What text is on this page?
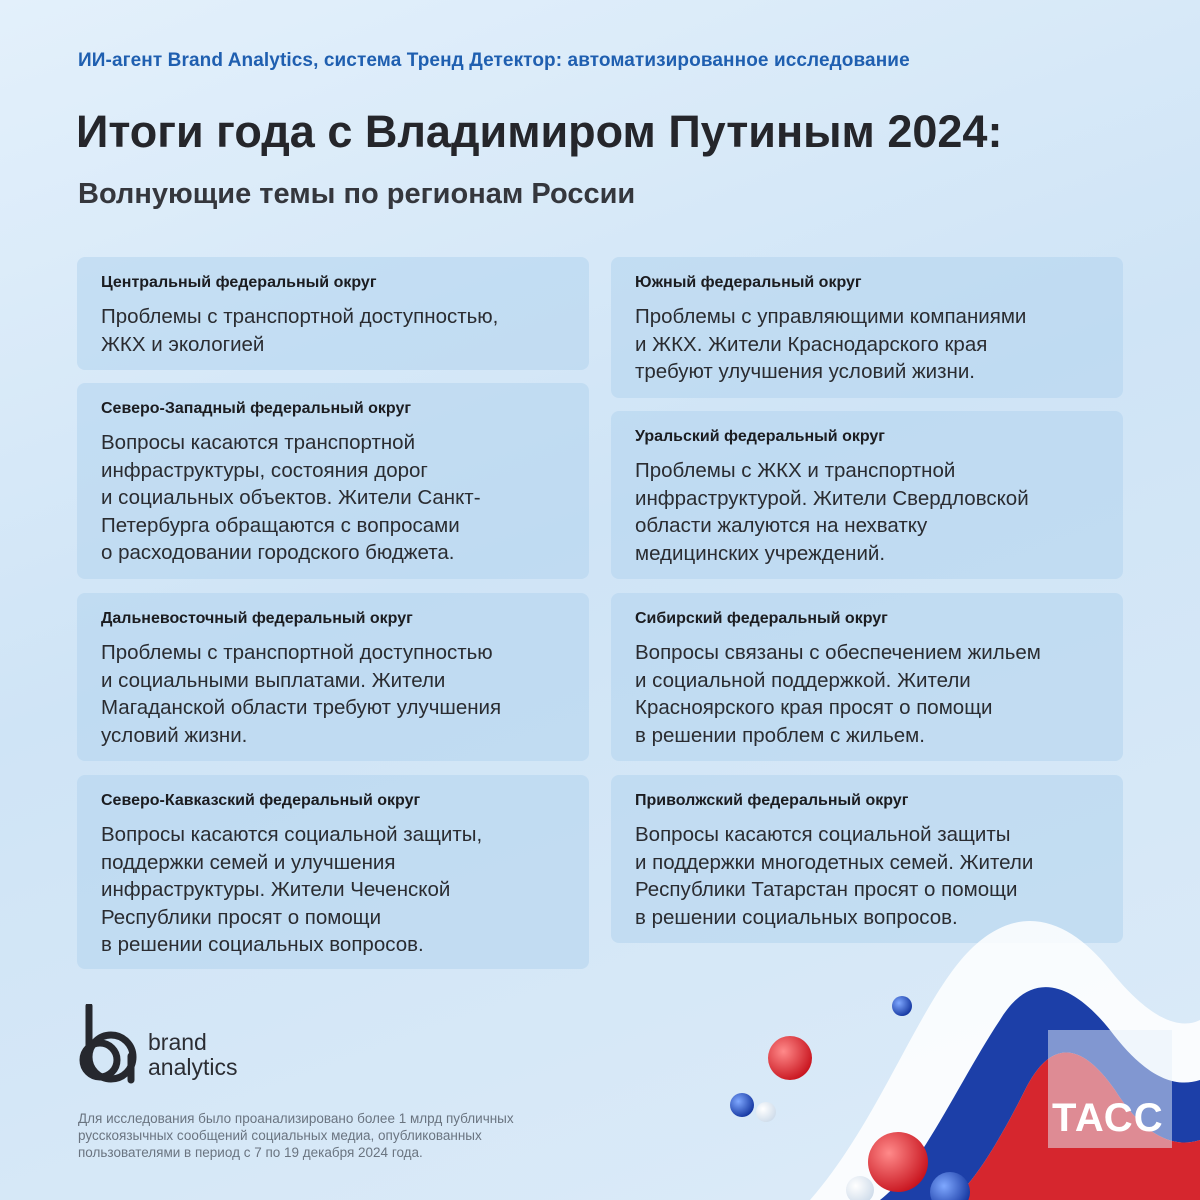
ИИ-агент Brand Analytics, система Тренд Детектор: автоматизированное исследование
Итоги года с Владимиром Путиным 2024:
Волнующие темы по регионам России

Центральный федеральный округ

Проблемы с транспортной доступностью,
ЖКХ и экологией

Северо-Западный федеральный округ

Вопросы касаются транспортной
инфраструктуры, состояния дорог
и социальных объектов. Жители Санкт-
Петербурга обращаются с вопросами
о расходовании городского бюджета.

Дальневосточный федеральный округ

Проблемы с транспортной доступностью
и социальными выплатами. Жители
Магаданской области требуют улучшения
условий жизни.

Северо-Кавказский федеральный округ

Вопросы касаются социальной защиты,
поддержки семей и улучшения
инфраструктуры. Жители Чеченской
Республики просят о помощи
в решении социальных вопросов.

Южный федеральный округ

Проблемы с управляющими компаниями
и ЖКХ. Жители Краснодарского края
требуют улучшения условий жизни.

Уральский федеральный округ

Проблемы с ЖКХ и транспортной
инфраструктурой. Жители Свердловской
области жалуются на нехватку
медицинских учреждений.

Сибирский федеральный округ

Вопросы связаны с обеспечением жильем
и социальной поддержкой. Жители
Красноярского края просят о помощи
в решении проблем с жильем.

Приволжский федеральный округ

Вопросы касаются социальной защиты
и поддержки многодетных семей. Жители
Республики Татарстан просят о помощи
в решении социальных вопросов.

brand
analytics
Для исследования было проанализировано более 1 млрд публичных
русскоязычных сообщений социальных медиа, опубликованных
пользователями в период с 7 по 19 декабря 2024 года.
ТАСС
